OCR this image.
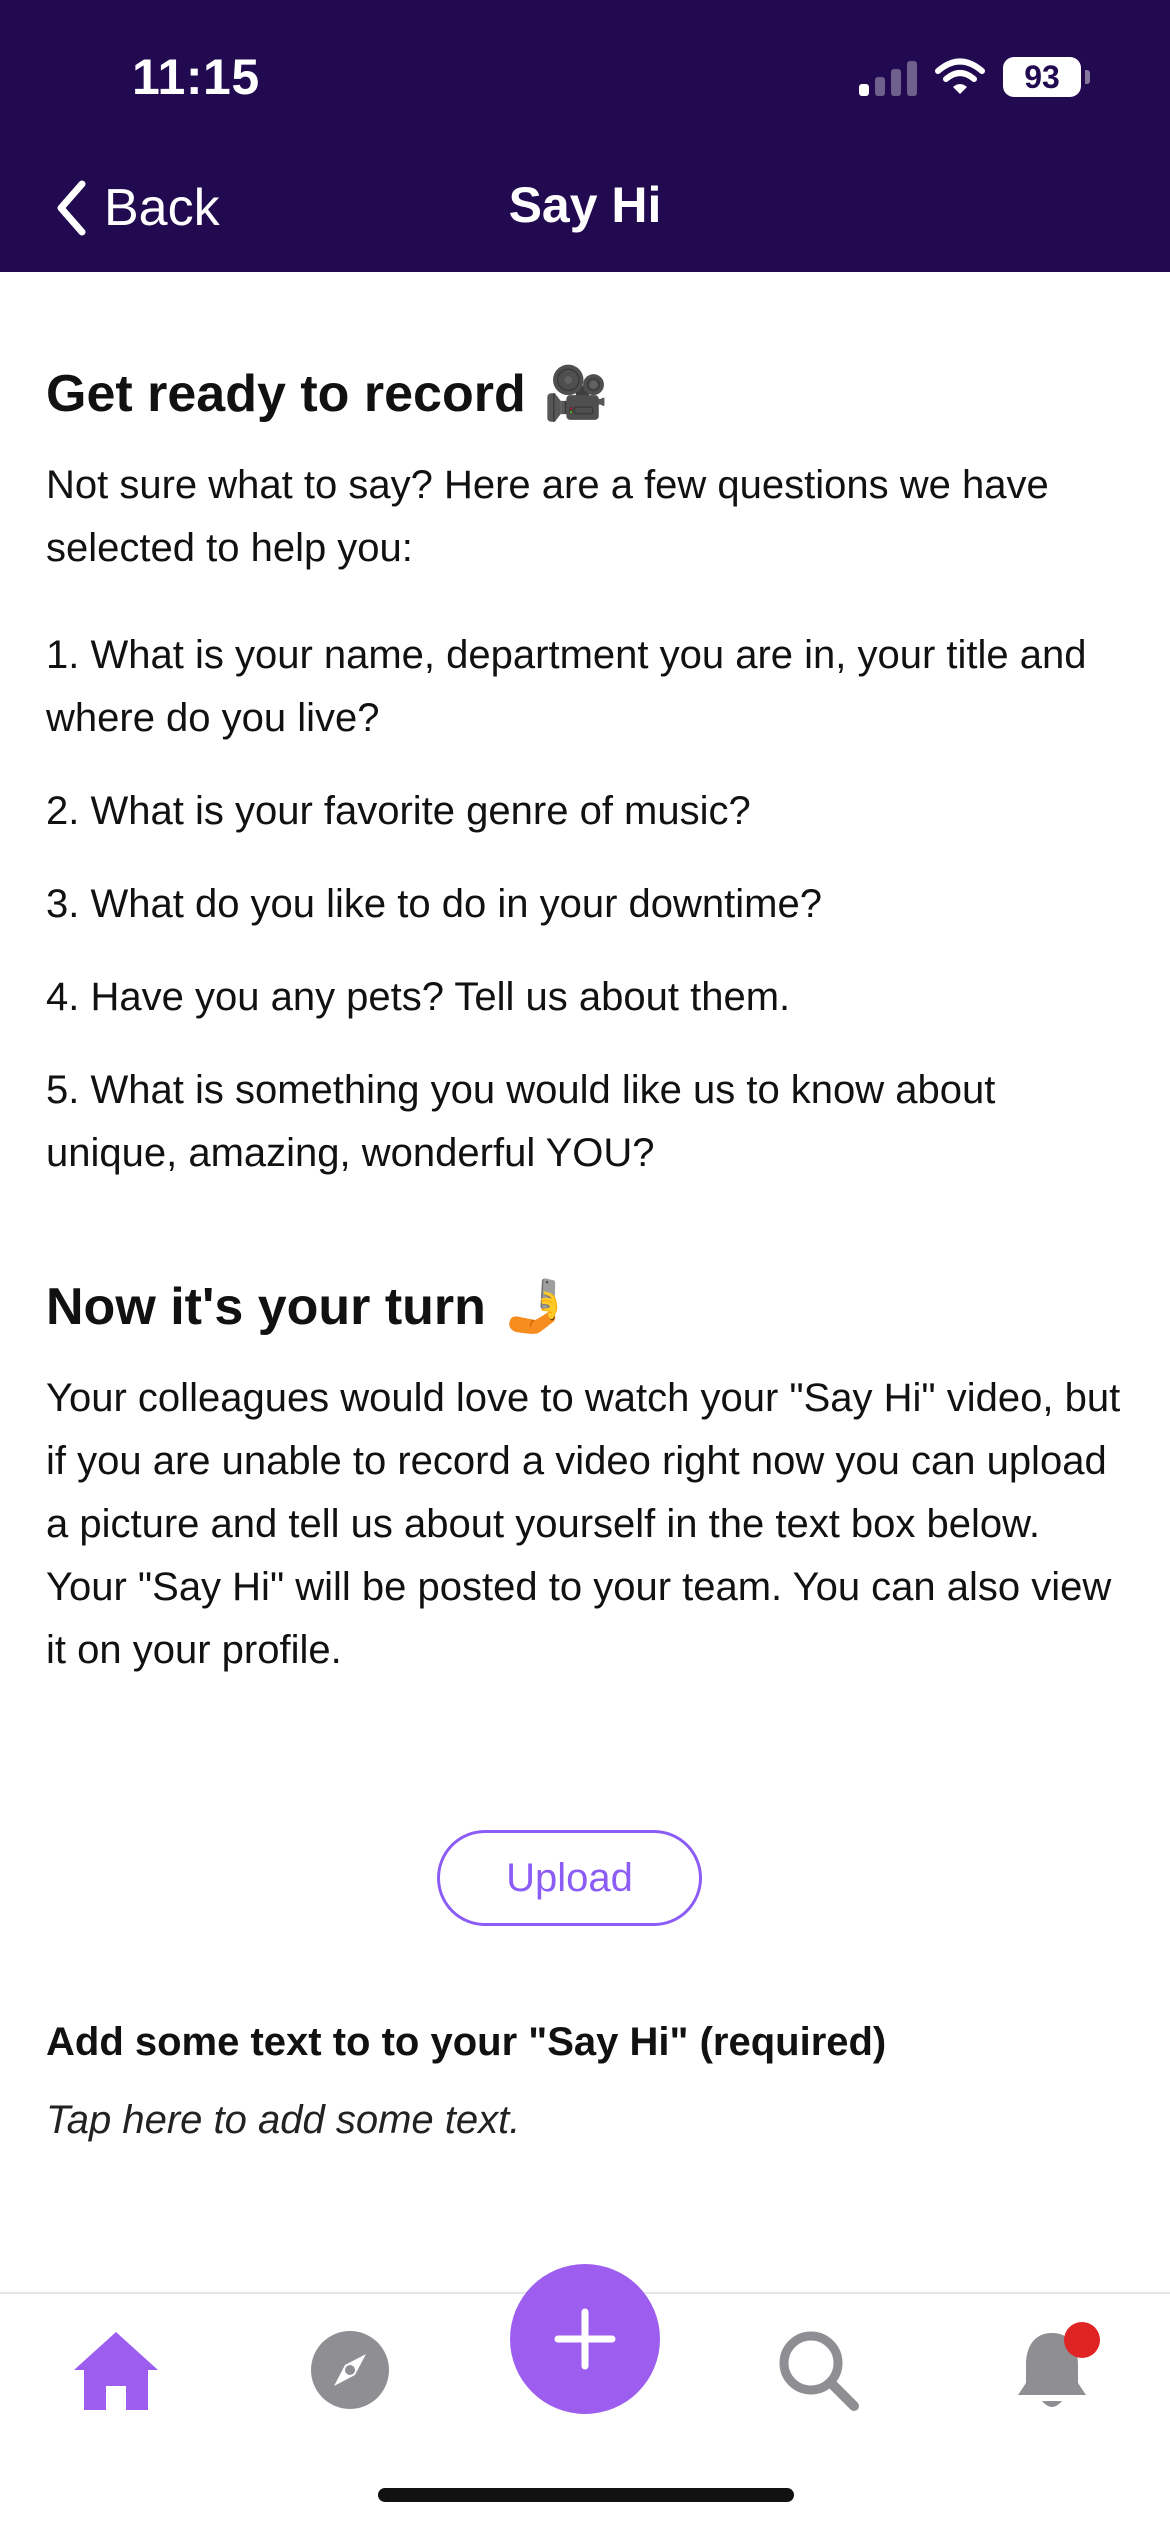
11:15	93
Back	Say Hi
Get ready to record 🎥

Not sure what to say? Here are a few questions we have selected to help you:

1. What is your name, department you are in, your title and where do you live?

2. What is your favorite genre of music?

3. What do you like to do in your downtime?

4. Have you any pets? Tell us about them.

5. What is something you would like us to know about unique, amazing, wonderful YOU?

Now it's your turn 🤳

Your colleagues would love to watch your "Say Hi" video, but if you are unable to record a video right now you can upload a picture and tell us about yourself in the text box below. Your "Say Hi" will be posted to your team. You can also view it on your profile.

Upload
Add some text to to your "Say Hi" (required)
Tap here to add some text.
